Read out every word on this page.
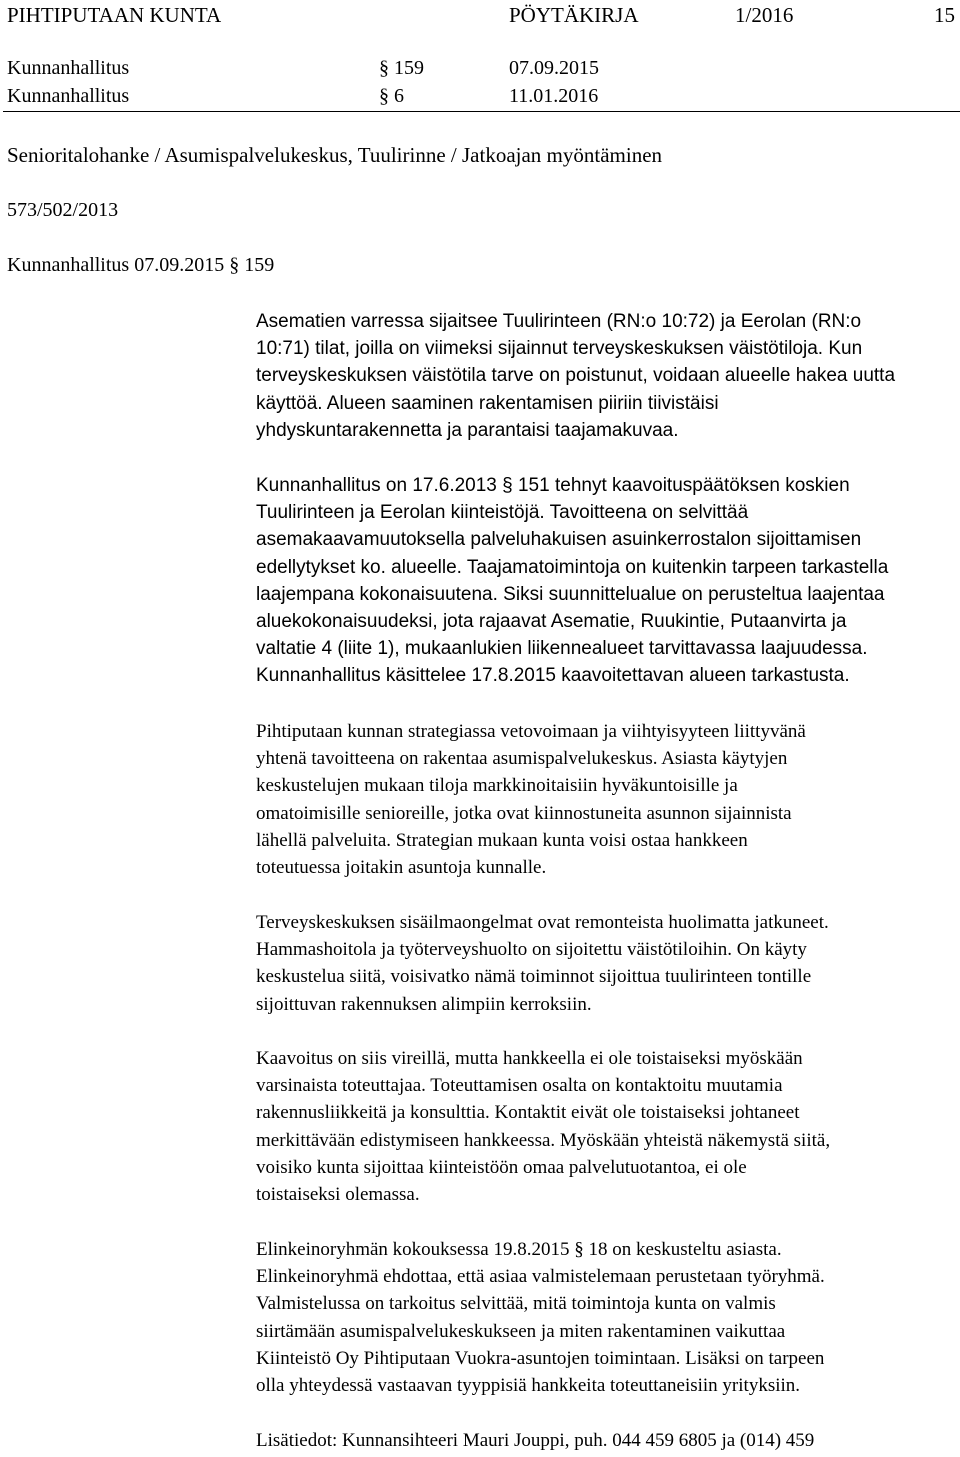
PIHTIPUTAAN KUNTA	PÖYTÄKIRJA	1/2016	15
Kunnanhallitus	§ 159	07.09.2015
Kunnanhallitus	§ 6	11.01.2016
Senioritalohanke / Asumispalvelukeskus, Tuulirinne / Jatkoajan myöntäminen
573/502/2013
Kunnanhallitus 07.09.2015 § 159
Asematien varressa sijaitsee Tuulirinteen (RN:o 10:72) ja Eerolan (RN:o
10:71) tilat, joilla on viimeksi sijainnut terveyskeskuksen väistötiloja. Kun
terveyskeskuksen väistötila tarve on poistunut, voidaan alueelle hakea uutta
käyttöä. Alueen saaminen rakentamisen piiriin tiivistäisi
yhdyskuntarakennetta ja parantaisi taajamakuvaa.
Kunnanhallitus on 17.6.2013 § 151 tehnyt kaavoituspäätöksen koskien
Tuulirinteen ja Eerolan kiinteistöjä. Tavoitteena on selvittää
asemakaavamuutoksella palveluhakuisen asuinkerrostalon sijoittamisen
edellytykset ko. alueelle. Taajamatoimintoja on kuitenkin tarpeen tarkastella
laajempana kokonaisuutena. Siksi suunnittelualue on perusteltua laajentaa
aluekokonaisuudeksi, jota rajaavat Asematie, Ruukintie, Putaanvirta ja
valtatie 4 (liite 1), mukaanlukien liikennealueet tarvittavassa laajuudessa.
Kunnanhallitus käsittelee 17.8.2015 kaavoitettavan alueen tarkastusta.
Pihtiputaan kunnan strategiassa vetovoimaan ja viihtyisyyteen liittyvänä
yhtenä tavoitteena on rakentaa asumispalvelukeskus. Asiasta käytyjen
keskustelujen mukaan tiloja markkinoitaisiin hyväkuntoisille ja
omatoimisille senioreille, jotka ovat kiinnostuneita asunnon sijainnista
lähellä palveluita. Strategian mukaan kunta voisi ostaa hankkeen
toteutuessa joitakin asuntoja kunnalle.
Terveyskeskuksen sisäilmaongelmat ovat remonteista huolimatta jatkuneet.
Hammashoitola ja työterveyshuolto on sijoitettu väistötiloihin. On käyty
keskustelua siitä, voisivatko nämä toiminnot sijoittua tuulirinteen tontille
sijoittuvan rakennuksen alimpiin kerroksiin.
Kaavoitus on siis vireillä, mutta hankkeella ei ole toistaiseksi myöskään
varsinaista toteuttajaa. Toteuttamisen osalta on kontaktoitu muutamia
rakennusliikkeitä ja konsulttia. Kontaktit eivät ole toistaiseksi johtaneet
merkittävään edistymiseen hankkeessa. Myöskään yhteistä näkemystä siitä,
voisiko kunta sijoittaa kiinteistöön omaa palvelutuotantoa, ei ole
toistaiseksi olemassa.
Elinkeinoryhmän kokouksessa 19.8.2015 § 18 on keskusteltu asiasta.
Elinkeinoryhmä ehdottaa, että asiaa valmistelemaan perustetaan työryhmä.
Valmistelussa on tarkoitus selvittää, mitä toimintoja kunta on valmis
siirtämään asumispalvelukeskukseen ja miten rakentaminen vaikuttaa
Kiinteistö Oy Pihtiputaan Vuokra-asuntojen toimintaan. Lisäksi on tarpeen
olla yhteydessä vastaavan tyyppisiä hankkeita toteuttaneisiin yrityksiin.
Lisätiedot: Kunnansihteeri Mauri Jouppi, puh. 044 459 6805 ja (014) 459
